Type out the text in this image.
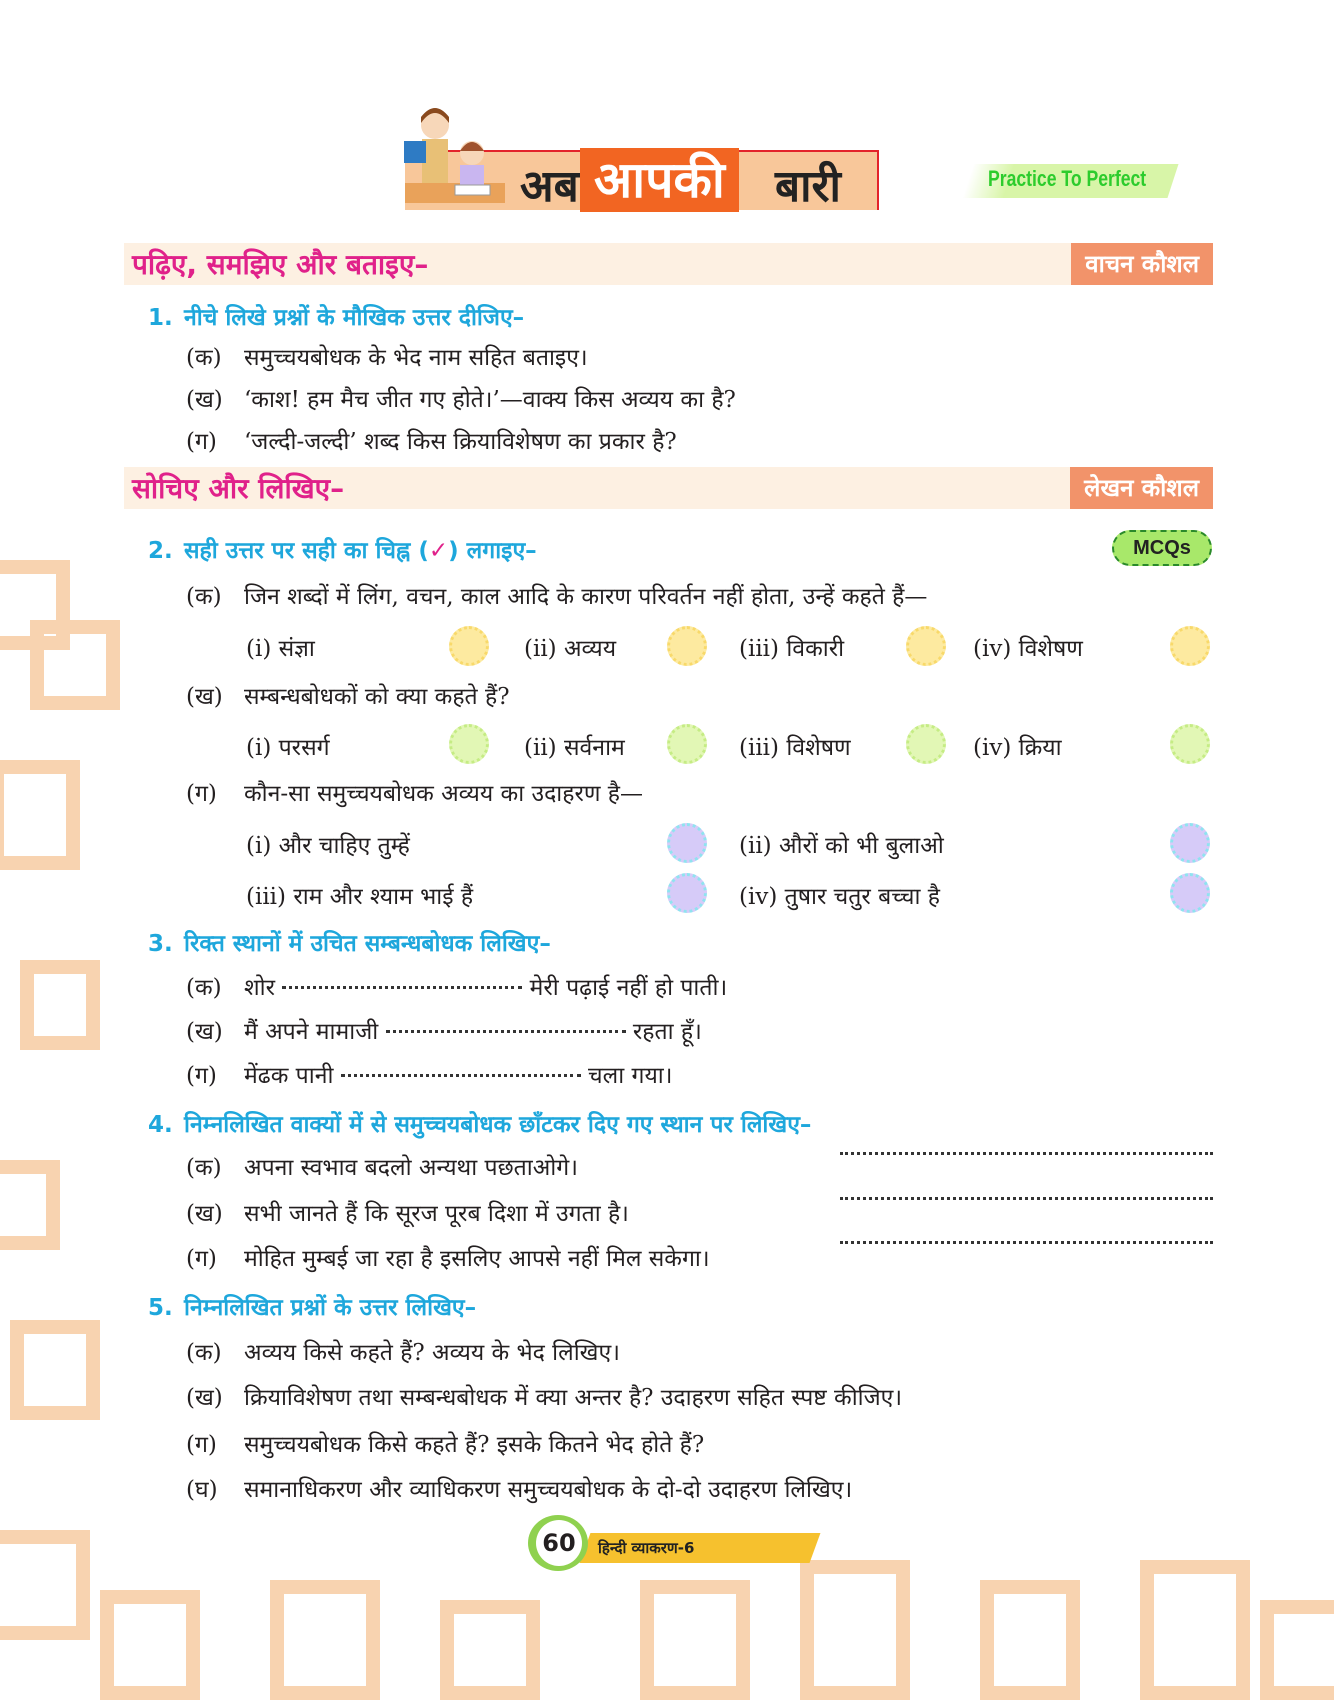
अब आपकी	बारी	Practice To Perfect
पढ़िए, समझिए और बताइए–	वाचन कौशल
1. नीचे लिखे प्रश्नों के मौखिक उत्तर दीजिए–
(क) समुच्चयबोधक के भेद नाम सहित बताइए।
(ख) ‘काश! हम मैच जीत गए होते।’—वाक्य किस अव्यय का है?
(ग) ‘जल्दी-जल्दी’ शब्द किस क्रियाविशेषण का प्रकार है?
सोचिए और लिखिए–	लेखन कौशल
2. सही उत्तर पर सही का चिह्न (✓) लगाइए–	MCQs
(क) जिन शब्दों में लिंग, वचन, काल आदि के कारण परिवर्तन नहीं होता, उन्हें कहते हैं—
(i) संज्ञा	(ii) अव्यय	(iii) विकारी	(iv) विशेषण
(ख) सम्बन्धबोधकों को क्या कहते हैं?
(i) परसर्ग	(ii) सर्वनाम	(iii) विशेषण	(iv) क्रिया
(ग) कौन-सा समुच्चयबोधक अव्यय का उदाहरण है—
(i) और चाहिए तुम्हें	(ii) औरों को भी बुलाओ
(iii) राम और श्याम भाई हैं	(iv) तुषार चतुर बच्चा है
3. रिक्त स्थानों में उचित सम्बन्धबोधक लिखिए–
(क) शोर	मेरी पढ़ाई नहीं हो पाती।
(ख) मैं अपने मामाजी	रहता हूँ।
(ग) मेंढक पानी	चला गया।
4. निम्नलिखित वाक्यों में से समुच्चयबोधक छाँटकर दिए गए स्थान पर लिखिए–
(क) अपना स्वभाव बदलो अन्यथा पछताओगे।
(ख) सभी जानते हैं कि सूरज पूरब दिशा में उगता है।
(ग) मोहित मुम्बई जा रहा है इसलिए आपसे नहीं मिल सकेगा।
5. निम्नलिखित प्रश्नों के उत्तर लिखिए–
(क) अव्यय किसे कहते हैं? अव्यय के भेद लिखिए।
(ख) क्रियाविशेषण तथा सम्बन्धबोधक में क्या अन्तर है? उदाहरण सहित स्पष्ट कीजिए।
(ग) समुच्चयबोधक किसे कहते हैं? इसके कितने भेद होते हैं?
(घ) समानाधिकरण और व्याधिकरण समुच्चयबोधक के दो-दो उदाहरण लिखिए।
60	हिन्दी व्याकरण-6
